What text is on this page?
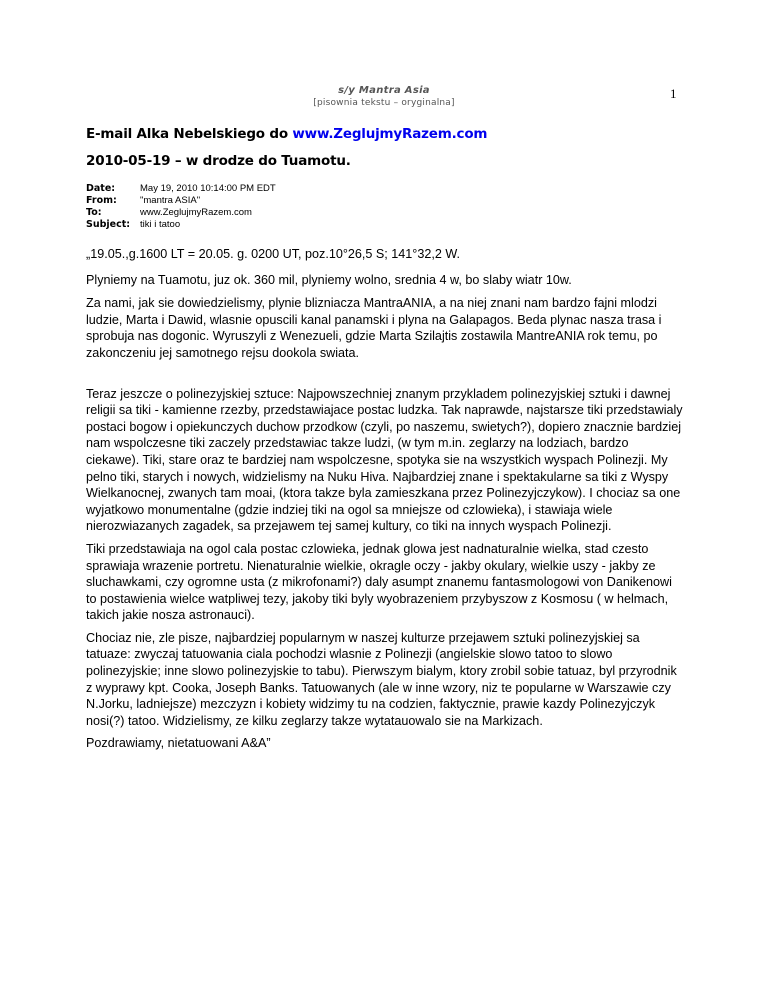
1
s/y Mantra Asia
[pisownia tekstu – oryginalna]
E-mail Alka Nebelskiego do www.ZeglujmyRazem.com
2010-05-19 – w drodze do Tuamotu.
Date:	May 19, 2010 10:14:00 PM EDT
From:	"mantra ASIA"
To:	www.ZeglujmyRazem.com
Subject:	tiki i tatoo

„19.05.,g.1600 LT = 20.05. g. 0200 UT, poz.10°26,5 S; 141°32,2 W.

Plyniemy na Tuamotu, juz ok. 360 mil, plyniemy wolno, srednia 4 w, bo slaby wiatr 10w.

Za nami, jak sie dowiedzielismy, plynie blizniacza MantraANIA, a na niej znani nam bardzo fajni mlodzi ludzie, Marta i Dawid, wlasnie opuscili kanal panamski i plyna na Galapagos. Beda plynac nasza trasa i sprobuja nas dogonic. Wyruszyli z Wenezueli, gdzie Marta Szilajtis zostawila MantreANIA rok temu, po zakonczeniu jej samotnego rejsu dookola swiata.

Teraz jeszcze o polinezyjskiej sztuce: Najpowszechniej znanym przykladem polinezyjskiej sztuki i dawnej religii sa tiki - kamienne rzezby, przedstawiajace postac ludzka. Tak naprawde, najstarsze tiki przedstawialy postaci bogow i opiekunczych duchow przodkow (czyli, po naszemu, swietych?), dopiero znacznie bardziej nam wspolczesne tiki zaczely przedstawiac takze ludzi, (w tym m.in. zeglarzy na lodziach, bardzo ciekawe). Tiki, stare oraz te bardziej nam wspolczesne, spotyka sie na wszystkich wyspach Polinezji. My pelno tiki, starych i nowych, widzielismy na Nuku Hiva. Najbardziej znane i spektakularne sa tiki z Wyspy Wielkanocnej, zwanych tam moai, (ktora takze byla zamieszkana przez Polinezyjczykow). I chociaz sa one wyjatkowo monumentalne (gdzie indziej tiki na ogol sa mniejsze od czlowieka), i stawiaja wiele nierozwiazanych zagadek, sa przejawem tej samej kultury, co tiki na innych wyspach Polinezji.

Tiki przedstawiaja na ogol cala postac czlowieka, jednak glowa jest nadnaturalnie wielka, stad czesto sprawiaja wrazenie portretu. Nienaturalnie wielkie, okragle oczy - jakby okulary, wielkie uszy - jakby ze sluchawkami, czy ogromne usta (z mikrofonami?) daly asumpt znanemu fantasmologowi von Danikenowi to postawienia wielce watpliwej tezy, jakoby tiki byly wyobrazeniem przybyszow z Kosmosu ( w helmach, takich jakie nosza astronauci).

Chociaz nie, zle pisze, najbardziej popularnym w naszej kulturze przejawem sztuki polinezyjskiej sa tatuaze: zwyczaj tatuowania ciala pochodzi wlasnie z Polinezji (angielskie slowo tatoo to slowo polinezyjskie; inne slowo polinezyjskie to tabu). Pierwszym bialym, ktory zrobil sobie tatuaz, byl przyrodnik z wyprawy kpt. Cooka, Joseph Banks. Tatuowanych (ale w inne wzory, niz te popularne w Warszawie czy N.Jorku, ladniejsze) mezczyzn i kobiety widzimy tu na codzien, faktycznie, prawie kazdy Polinezyjczyk nosi(?) tatoo. Widzielismy, ze kilku zeglarzy takze wytatauowalo sie na Markizach.

Pozdrawiamy, nietatuowani A&A”
